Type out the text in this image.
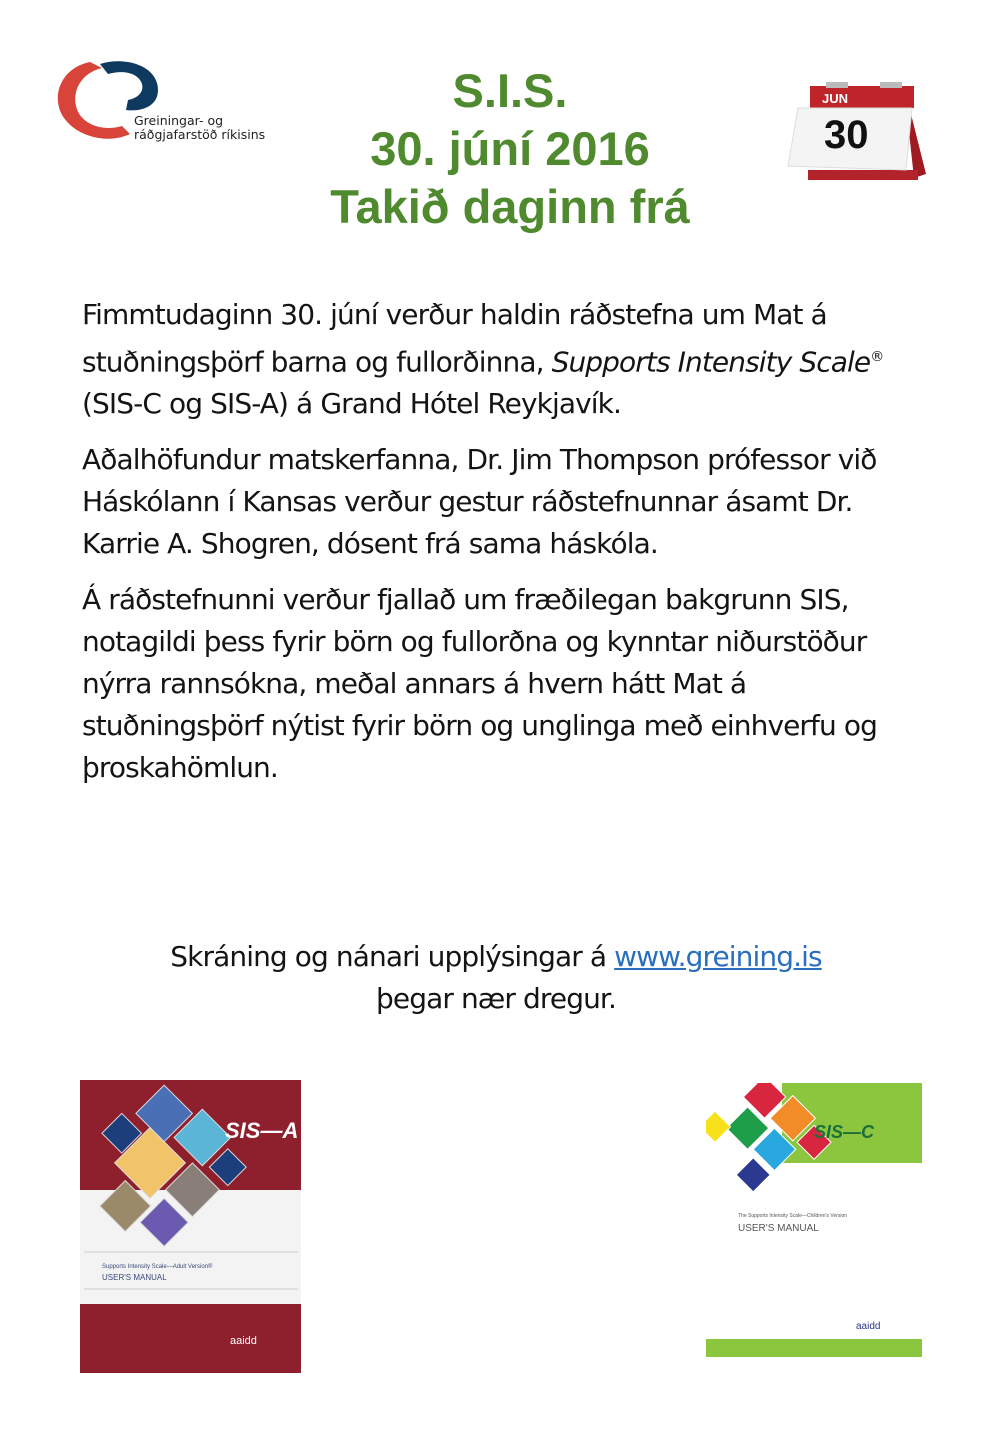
Greiningar- og
ráðgjafarstöð ríkisins
S.I.S.
30. júní 2016
Takið daginn frá
JUN
30

Fimmtudaginn 30. júní verður haldin ráðstefna um Mat á stuðningsþörf barna og fullorðinna, Supports Intensity Scale® (SIS-C og SIS-A) á Grand Hótel Reykjavík.

Aðalhöfundur matskerfanna, Dr. Jim Thompson prófessor við Háskólann í Kansas verður gestur ráðstefnunnar ásamt Dr. Karrie A. Shogren, dósent frá sama háskóla.

Á ráðstefnunni verður fjallað um fræðilegan bakgrunn SIS, notagildi þess fyrir börn og fullorðna og kynntar niðurstöður nýrra rannsókna, meðal annars á hvern hátt Mat á stuðningsþörf nýtist fyrir börn og unglinga með einhverfu og þroskahömlun.

Skráning og nánari upplýsingar á www.greining.is
þegar nær dregur.
SIS—A
Supports Intensity Scale—Adult Version®
USER'S MANUAL
aaidd
SIS—C
The Supports Intensity Scale—Children's Version
USER'S MANUAL
aaidd
